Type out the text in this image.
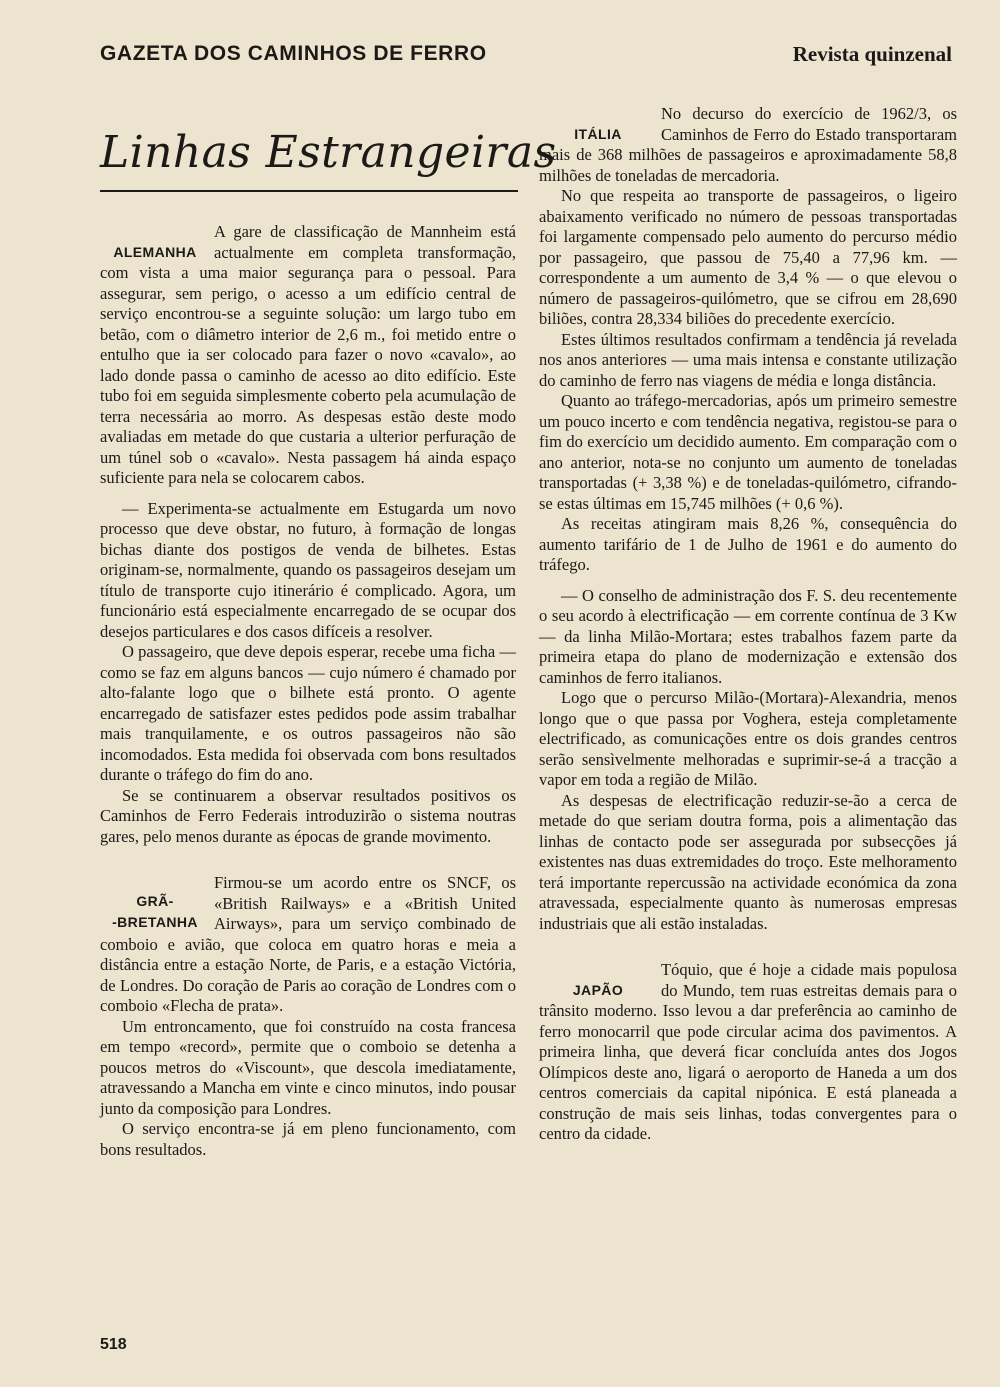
GAZETA DOS CAMINHOS DE FERRO	Revista quinzenal
Linhas Estrangeiras
ALEMANHA

A gare de classificação de Mannheim está actualmente em completa transformação, com vista a uma maior segurança para o pessoal. Para assegurar, sem perigo, o acesso a um edifício central de serviço encontrou-se a seguinte solução: um largo tubo em betão, com o diâmetro interior de 2,6 m., foi metido entre o entulho que ia ser colocado para fazer o novo «cavalo», ao lado donde passa o caminho de acesso ao dito edifício. Este tubo foi em seguida simplesmente coberto pela acumulação de terra necessária ao morro. As despesas estão deste modo avaliadas em metade do que custaria a ulterior perfuração de um túnel sob o «cavalo». Nesta passagem há ainda espaço suficiente para nela se colocarem cabos.

— Experimenta-se actualmente em Estugarda um novo processo que deve obstar, no futuro, à formação de longas bichas diante dos postigos de venda de bilhetes. Estas originam-se, normalmente, quando os passageiros desejam um título de transporte cujo itinerário é complicado. Agora, um funcionário está especialmente encarregado de se ocupar dos desejos particulares e dos casos difíceis a resolver.

O passageiro, que deve depois esperar, recebe uma ficha — como se faz em alguns bancos — cujo número é chamado por alto-falante logo que o bilhete está pronto. O agente encarregado de satisfazer estes pedidos pode assim trabalhar mais tranquilamente, e os outros passageiros não são incomodados. Esta medida foi observada com bons resultados durante o tráfego do fim do ano.

Se se continuarem a observar resultados positivos os Caminhos de Ferro Federais introduzirão o sistema noutras gares, pelo menos durante as épocas de grande movimento.

GRÃ-
-BRETANHA

Firmou-se um acordo entre os SNCF, os «British Railways» e a «British United Airways», para um serviço combinado de comboio e avião, que coloca em quatro horas e meia a distância entre a estação Norte, de Paris, e a estação Victória, de Londres. Do coração de Paris ao coração de Londres com o comboio «Flecha de prata».

Um entroncamento, que foi construído na costa francesa em tempo «record», permite que o comboio se detenha a poucos metros do «Viscount», que descola imediatamente, atravessando a Mancha em vinte e cinco minutos, indo pousar junto da composição para Londres.

O serviço encontra-se já em pleno funcionamento, com bons resultados.

ITÁLIA

No decurso do exercício de 1962/3, os Caminhos de Ferro do Estado transportaram mais de 368 milhões de passageiros e aproximadamente 58,8 milhões de toneladas de mercadoria.

No que respeita ao transporte de passageiros, o ligeiro abaixamento verificado no número de pessoas transportadas foi largamente compensado pelo aumento do percurso médio por passageiro, que passou de 75,40 a 77,96 km. — correspondente a um aumento de 3,4 % — o que elevou o número de passageiros-quilómetro, que se cifrou em 28,690 biliões, contra 28,334 biliões do precedente exercício.

Estes últimos resultados confirmam a tendência já revelada nos anos anteriores — uma mais intensa e constante utilização do caminho de ferro nas viagens de média e longa distância.

Quanto ao tráfego-mercadorias, após um primeiro semestre um pouco incerto e com tendência negativa, registou-se para o fim do exercício um decidido aumento. Em comparação com o ano anterior, nota-se no conjunto um aumento de toneladas transportadas (+ 3,38 %) e de toneladas-quilómetro, cifrando-se estas últimas em 15,745 milhões (+ 0,6 %).

As receitas atingiram mais 8,26 %, consequência do aumento tarifário de 1 de Julho de 1961 e do aumento do tráfego.

— O conselho de administração dos F. S. deu recentemente o seu acordo à electrificação — em corrente contínua de 3 Kw — da linha Milão-Mortara; estes trabalhos fazem parte da primeira etapa do plano de modernização e extensão dos caminhos de ferro italianos.

Logo que o percurso Milão-(Mortara)-Alexandria, menos longo que o que passa por Voghera, esteja completamente electrificado, as comunicações entre os dois grandes centros serão sensìvelmente melhoradas e suprimir-se-á a tracção a vapor em toda a região de Milão.

As despesas de electrificação reduzir-se-ão a cerca de metade do que seriam doutra forma, pois a alimentação das linhas de contacto pode ser assegurada por subsecções já existentes nas duas extremidades do troço. Este melhoramento terá importante repercussão na actividade económica da zona atravessada, especialmente quanto às numerosas empresas industriais que ali estão instaladas.

JAPÃO

Tóquio, que é hoje a cidade mais populosa do Mundo, tem ruas estreitas demais para o trânsito moderno. Isso levou a dar preferência ao caminho de ferro monocarril que pode circular acima dos pavimentos. A primeira linha, que deverá ficar concluída antes dos Jogos Olímpicos deste ano, ligará o aeroporto de Haneda a um dos centros comerciais da capital nipónica. E está planeada a construção de mais seis linhas, todas convergentes para o centro da cidade.

518
